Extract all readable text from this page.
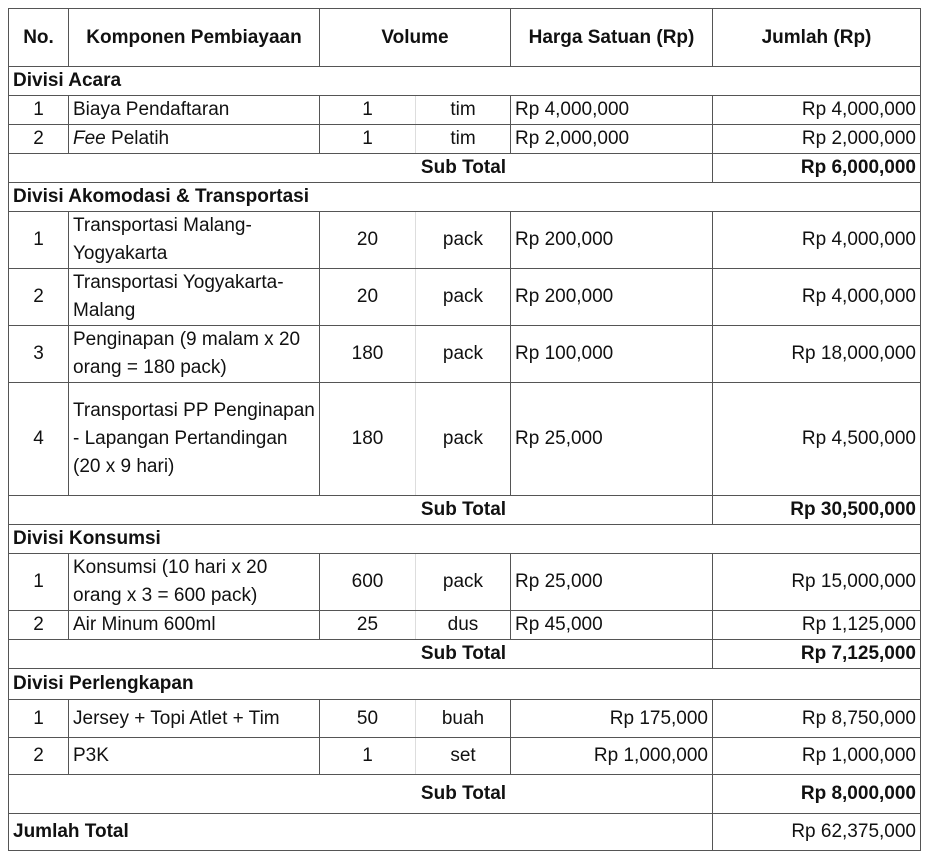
No.	Komponen Pembiayaan	Volume		Harga Satuan (Rp)	Jumlah (Rp)
Divisi Acara					
1	Biaya Pendaftaran	1	tim	Rp 4,000,000	Rp 4,000,000
2	Fee Pelatih	1	tim	Rp 2,000,000	Rp 2,000,000
Sub Total					Rp 6,000,000
Divisi Akomodasi & Transportasi					
1	Transportasi Malang-Yogyakarta	20	pack	Rp 200,000	Rp 4,000,000
2	Transportasi Yogyakarta-Malang	20	pack	Rp 200,000	Rp 4,000,000
3	Penginapan (9 malam x 20 orang = 180 pack)	180	pack	Rp 100,000	Rp 18,000,000
4	Transportasi PP Penginapan - Lapangan Pertandingan (20 x 9 hari)	180	pack	Rp 25,000	Rp 4,500,000
Sub Total					Rp 30,500,000
Divisi Konsumsi					
1	Konsumsi (10 hari x 20 orang x 3 = 600 pack)	600	pack	Rp 25,000	Rp 15,000,000
2	Air Minum 600ml	25	dus	Rp 45,000	Rp 1,125,000
Sub Total					Rp 7,125,000
Divisi Perlengkapan					
1	Jersey + Topi Atlet + Tim	50	buah	Rp 175,000	Rp 8,750,000
2	P3K	1	set	Rp 1,000,000	Rp 1,000,000
Sub Total					Rp 8,000,000
Jumlah Total					Rp 62,375,000
